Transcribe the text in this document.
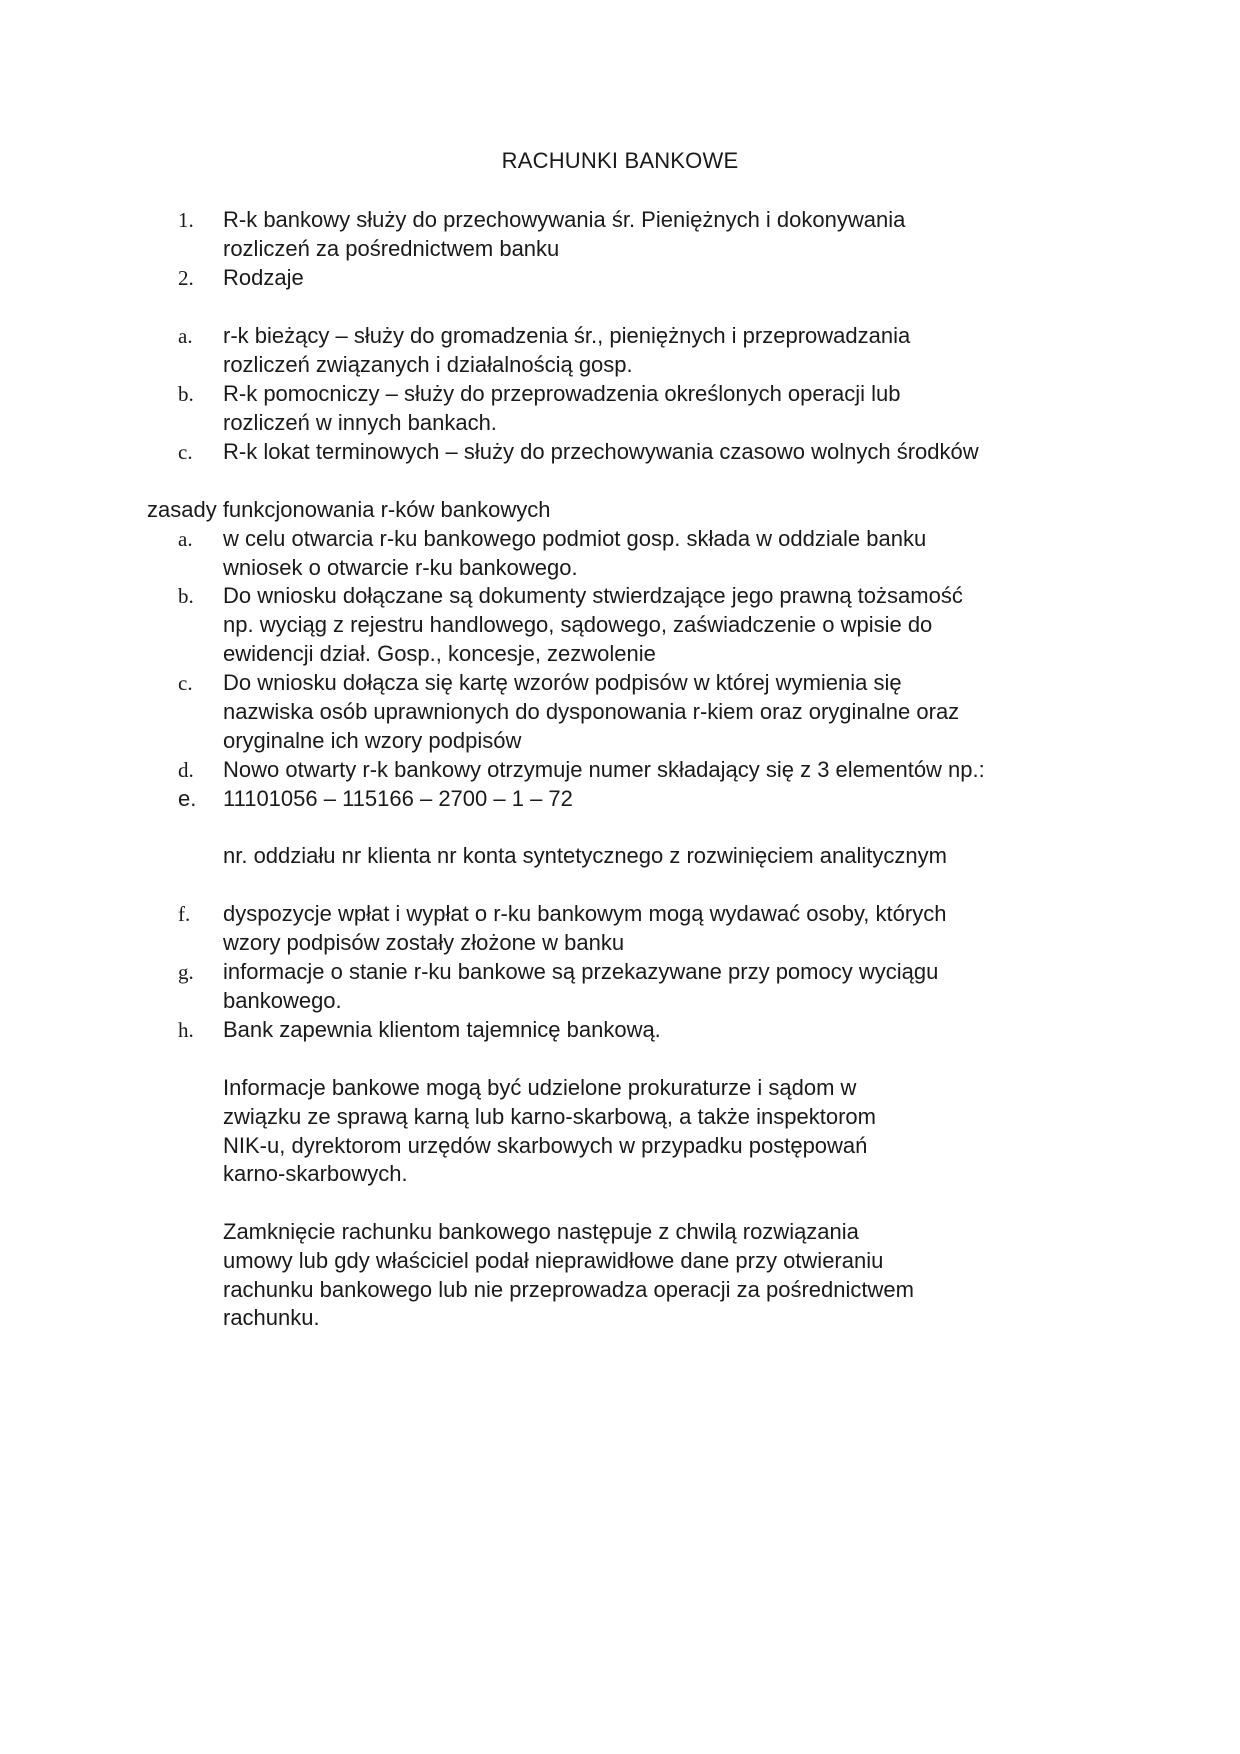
RACHUNKI BANKOWE
1.	R-k bankowy służy do przechowywania śr. Pieniężnych i dokonywania
rozliczeń za pośrednictwem banku
2.	Rodzaje
a.	r-k bieżący – służy do gromadzenia śr., pieniężnych i przeprowadzania
rozliczeń związanych i działalnością gosp.
b.	R-k pomocniczy – służy do przeprowadzenia określonych operacji lub
rozliczeń w innych bankach.
c.	R-k lokat terminowych – służy do przechowywania czasowo wolnych środków
zasady funkcjonowania r-ków bankowych
a.	w celu otwarcia r-ku bankowego podmiot gosp. składa w oddziale banku
wniosek o otwarcie r-ku bankowego.
b.	Do wniosku dołączane są dokumenty stwierdzające jego prawną tożsamość
np. wyciąg z rejestru handlowego, sądowego, zaświadczenie o wpisie do
ewidencji dział. Gosp., koncesje, zezwolenie
c.	Do wniosku dołącza się kartę wzorów podpisów w której wymienia się
nazwiska osób uprawnionych do dysponowania r-kiem oraz oryginalne oraz
oryginalne ich wzory podpisów
d.	Nowo otwarty r-k bankowy otrzymuje numer składający się z 3 elementów np.:
e.	11101056 – 115166 – 2700 – 1 – 72
nr. oddziału nr klienta nr konta syntetycznego z rozwinięciem analitycznym
f.	dyspozycje wpłat i wypłat o r-ku bankowym mogą wydawać osoby, których
wzory podpisów zostały złożone w banku
g.	informacje o stanie r-ku bankowe są przekazywane przy pomocy wyciągu
bankowego.
h.	Bank zapewnia klientom tajemnicę bankową.
Informacje bankowe mogą być udzielone prokuraturze i sądom w
związku ze sprawą karną lub karno-skarbową, a także inspektorom
NIK-u, dyrektorom urzędów skarbowych w przypadku postępowań
karno-skarbowych.
Zamknięcie rachunku bankowego następuje z chwilą rozwiązania
umowy lub gdy właściciel podał nieprawidłowe dane przy otwieraniu
rachunku bankowego lub nie przeprowadza operacji za pośrednictwem
rachunku.
